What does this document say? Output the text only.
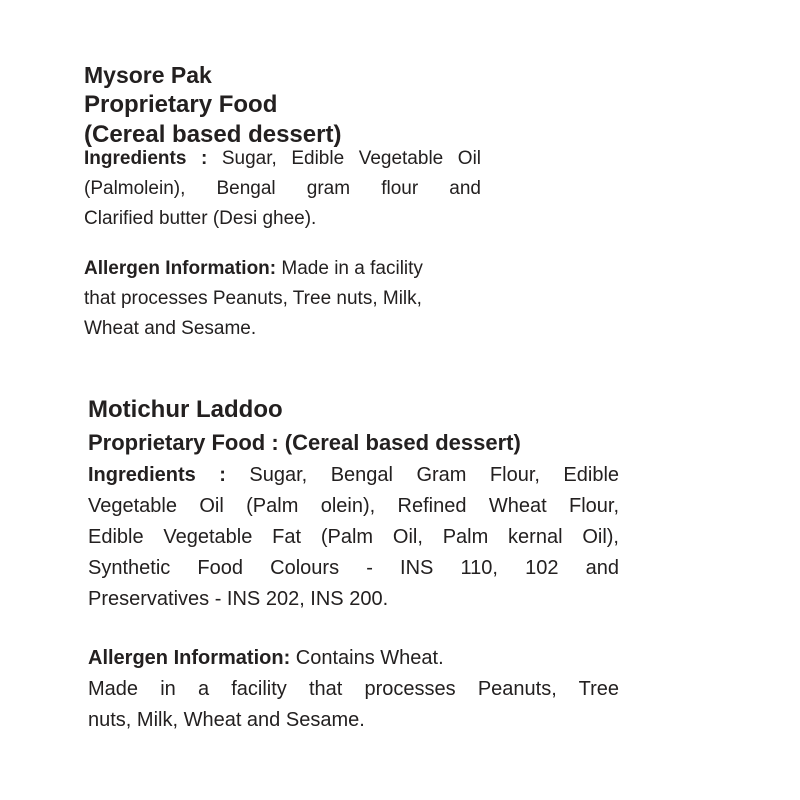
Mysore Pak
Proprietary Food
(Cereal based dessert)
Ingredients : Sugar, Edible Vegetable Oil
(Palmolein), Bengal gram flour and
Clarified butter (Desi ghee).
Allergen Information: Made in a facility
that processes Peanuts, Tree nuts, Milk,
Wheat and Sesame.
Motichur Laddoo
Proprietary Food : (Cereal based dessert)
Ingredients : Sugar, Bengal Gram Flour, Edible
Vegetable Oil (Palm olein), Refined Wheat Flour,
Edible Vegetable Fat (Palm Oil, Palm kernal Oil),
Synthetic Food Colours - INS 110, 102 and
Preservatives - INS 202, INS 200.
Allergen Information: Contains Wheat.
Made in a facility that processes Peanuts, Tree
nuts, Milk, Wheat and Sesame.
